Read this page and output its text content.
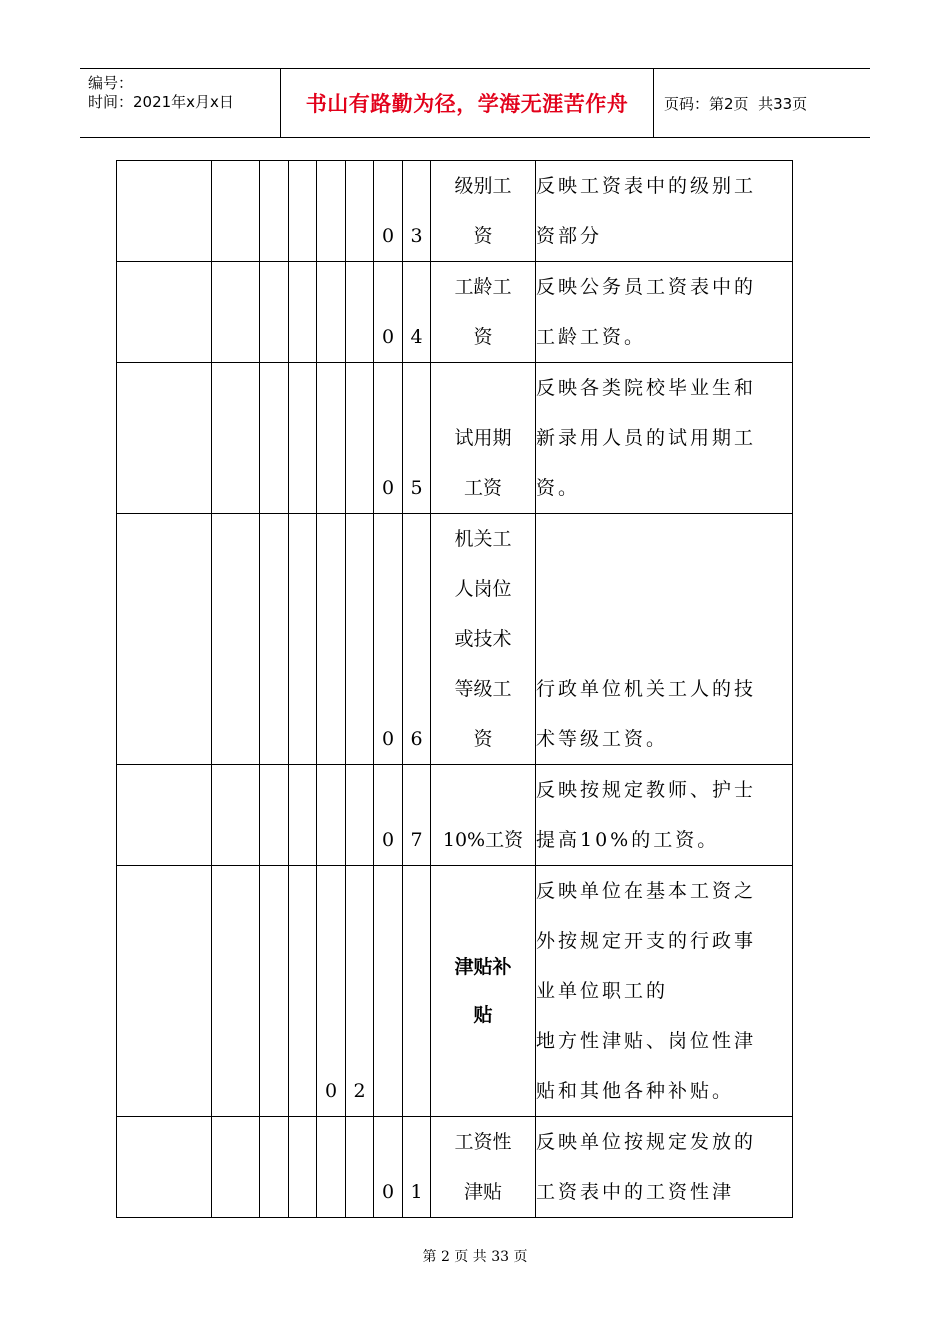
编号：
时间：2021年x月x日	书山有路勤为径，学海无涯苦作舟 页码：第2页  共33页
						0	3	级别工
资	反映工资表中的级别工
资部分

						0	4	工龄工
资	反映公务员工资表中的
工龄工资。

						0	5	试用期
工资	反映各类院校毕业生和
新录用人员的试用期工
资。

						0	6	机关工
人岗位
或技术
等级工
资	行政单位机关工人的技
术等级工资。

						0	7	10%工资	反映按规定教师、护士
提高10%的工资。

				0	2			津贴补
贴	反映单位在基本工资之
外按规定开支的行政事
业单位职工的
地方性津贴、岗位性津
贴和其他各种补贴。

						0	1	工资性
津贴	反映单位按规定发放的
工资表中的工资性津
第 2 页 共 33 页
